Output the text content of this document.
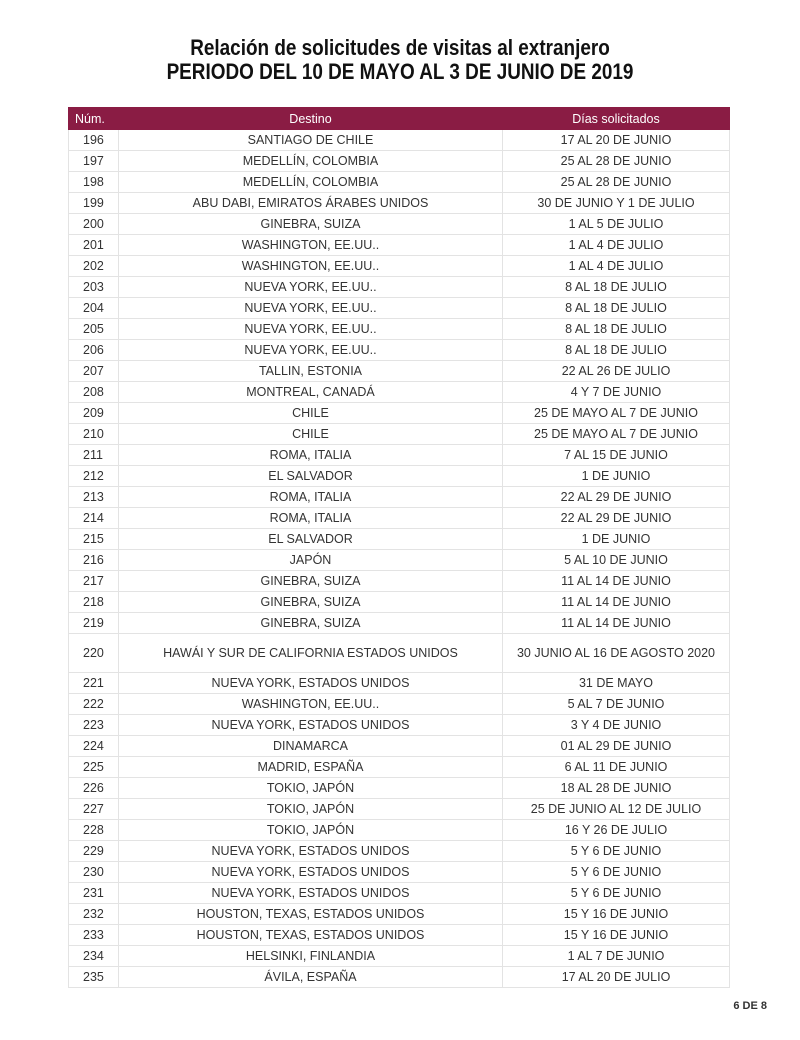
Relación de solicitudes de visitas al extranjero
PERIODO DEL 10 DE MAYO AL 3 DE JUNIO DE 2019
Núm.	Destino	Días solicitados
196	SANTIAGO DE CHILE	17 AL 20 DE JUNIO
197	MEDELLÍN, COLOMBIA	25 AL 28 DE JUNIO
198	MEDELLÍN, COLOMBIA	25 AL 28 DE JUNIO
199	ABU DABI, EMIRATOS ÁRABES UNIDOS	30 DE JUNIO Y 1 DE JULIO
200	GINEBRA, SUIZA	1 AL 5 DE JULIO
201	WASHINGTON, EE.UU..	1 AL 4 DE JULIO
202	WASHINGTON, EE.UU..	1 AL 4 DE JULIO
203	NUEVA YORK, EE.UU..	8 AL 18 DE JULIO
204	NUEVA YORK, EE.UU..	8 AL 18 DE JULIO
205	NUEVA YORK, EE.UU..	8 AL 18 DE JULIO
206	NUEVA YORK, EE.UU..	8 AL 18 DE JULIO
207	TALLIN, ESTONIA	22 AL 26 DE JULIO
208	MONTREAL, CANADÁ	4 Y 7 DE JUNIO
209	CHILE	25 DE MAYO AL 7 DE JUNIO
210	CHILE	25 DE MAYO AL 7 DE JUNIO
211	ROMA, ITALIA	7 AL 15 DE JUNIO
212	EL SALVADOR	1 DE JUNIO
213	ROMA, ITALIA	22 AL 29 DE JUNIO
214	ROMA, ITALIA	22 AL 29 DE JUNIO
215	EL SALVADOR	1 DE JUNIO
216	JAPÓN	5 AL 10 DE JUNIO
217	GINEBRA, SUIZA	11 AL 14 DE JUNIO
218	GINEBRA, SUIZA	11 AL 14 DE JUNIO
219	GINEBRA, SUIZA	11 AL 14 DE JUNIO
220	HAWÁI Y SUR DE CALIFORNIA ESTADOS UNIDOS	30 JUNIO AL 16 DE AGOSTO 2020
221	NUEVA YORK, ESTADOS UNIDOS	31 DE MAYO
222	WASHINGTON, EE.UU..	5 AL 7 DE JUNIO
223	NUEVA YORK, ESTADOS UNIDOS	3 Y 4 DE JUNIO
224	DINAMARCA	01 AL 29 DE JUNIO
225	MADRID, ESPAÑA	6 AL 11 DE JUNIO
226	TOKIO, JAPÓN	18 AL 28 DE JUNIO
227	TOKIO, JAPÓN	25 DE JUNIO AL 12 DE JULIO
228	TOKIO, JAPÓN	16 Y 26 DE JULIO
229	NUEVA YORK, ESTADOS UNIDOS	5 Y 6 DE JUNIO
230	NUEVA YORK, ESTADOS UNIDOS	5 Y 6 DE JUNIO
231	NUEVA YORK, ESTADOS UNIDOS	5 Y 6 DE JUNIO
232	HOUSTON, TEXAS, ESTADOS UNIDOS	15 Y 16 DE JUNIO
233	HOUSTON, TEXAS, ESTADOS UNIDOS	15 Y 16 DE JUNIO
234	HELSINKI, FINLANDIA	1 AL 7 DE JUNIO
235	ÁVILA, ESPAÑA	17 AL 20 DE JULIO
6 DE 8
